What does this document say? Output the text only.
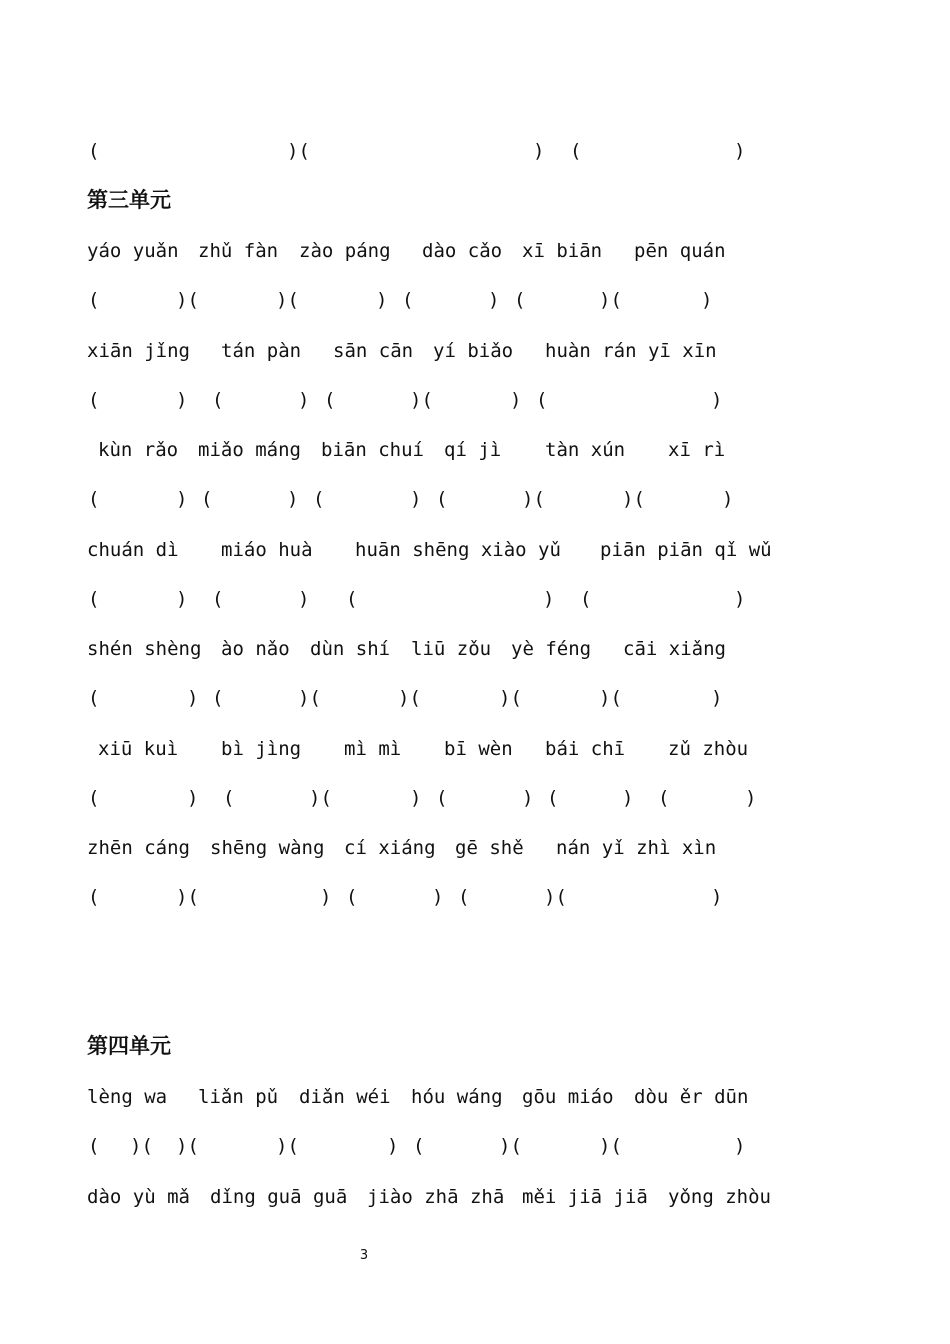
(	)(	) (	)
第三单元
yáo yuǎn zhǔ fàn zào páng dào cǎo xī biān pēn quán
(	)(	)(	) (	) (	)(	)
xiān jǐng tán pàn sān cān yí biǎo huàn rán yī xīn
(	) (	) (	)(	) (	)
kùn rǎo miǎo máng biān chuí qí jì tàn xún xī rì
(	) (	) (	) (	)(	)(	)
chuán dì miáo huà huān shēng xiào yǔ piān piān qǐ wǔ
(	) (	) (	) (	)
shén shèng ào nǎo dùn shí liū zǒu yè féng cāi xiǎng
(	) (	)(	)(	)(	)(	)
xiū kuì bì jìng mì mì bī wèn bái chī zǔ zhòu
(	) (	)(	) (	) (	) (	)
zhēn cáng shēng wàng cí xiáng gē shě nán yǐ zhì xìn
(	)(	) (	) (	)(	)
第四单元
lèng wa liǎn pǔ diǎn wéi hóu wáng gōu miáo dòu ěr dūn
( )( )(	)(	) (	)(	)(	)
dào yù mǎ dǐng guā guā jiào zhā zhā měi jiā jiā yǒng zhòu
3
